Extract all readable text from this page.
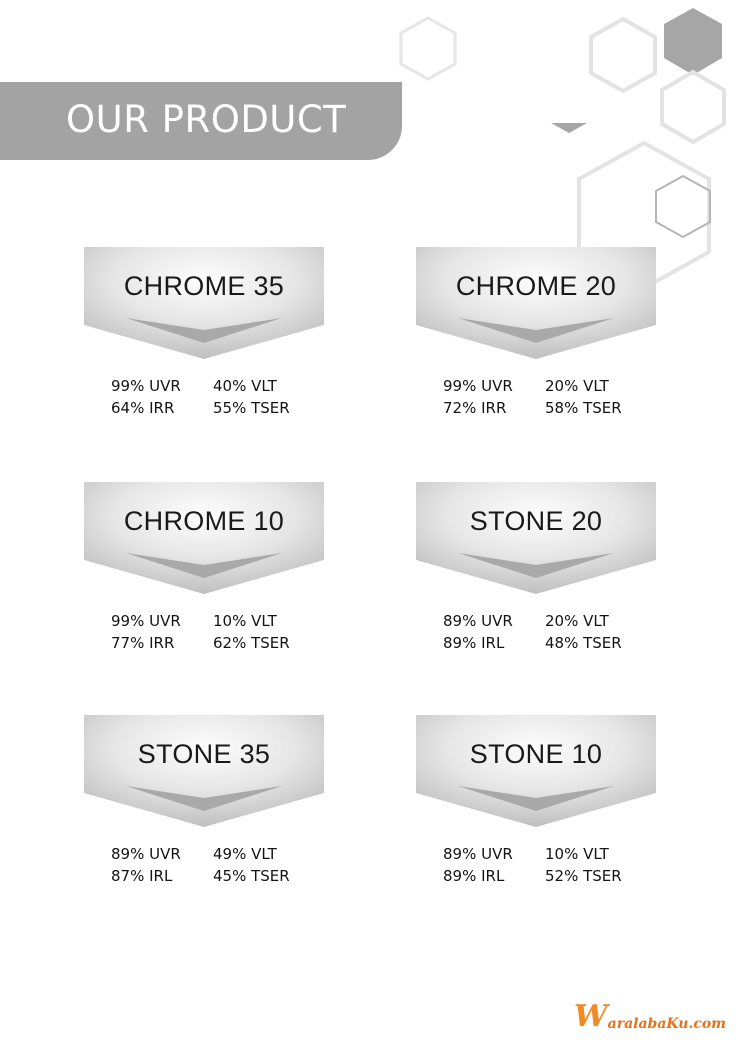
OUR PRODUCT
CHROME 35
99% UVR	40% VLT
64% IRR	55% TSER
CHROME 20
99% UVR	20% VLT
72% IRR	58% TSER
CHROME 10
99% UVR	10% VLT
77% IRR	62% TSER
STONE 20
89% UVR	20% VLT
89% IRL	48% TSER
STONE 35
89% UVR	49% VLT
87% IRL	45% TSER
STONE 10
89% UVR	10% VLT
89% IRL	52% TSER
W aralabaKu.com
